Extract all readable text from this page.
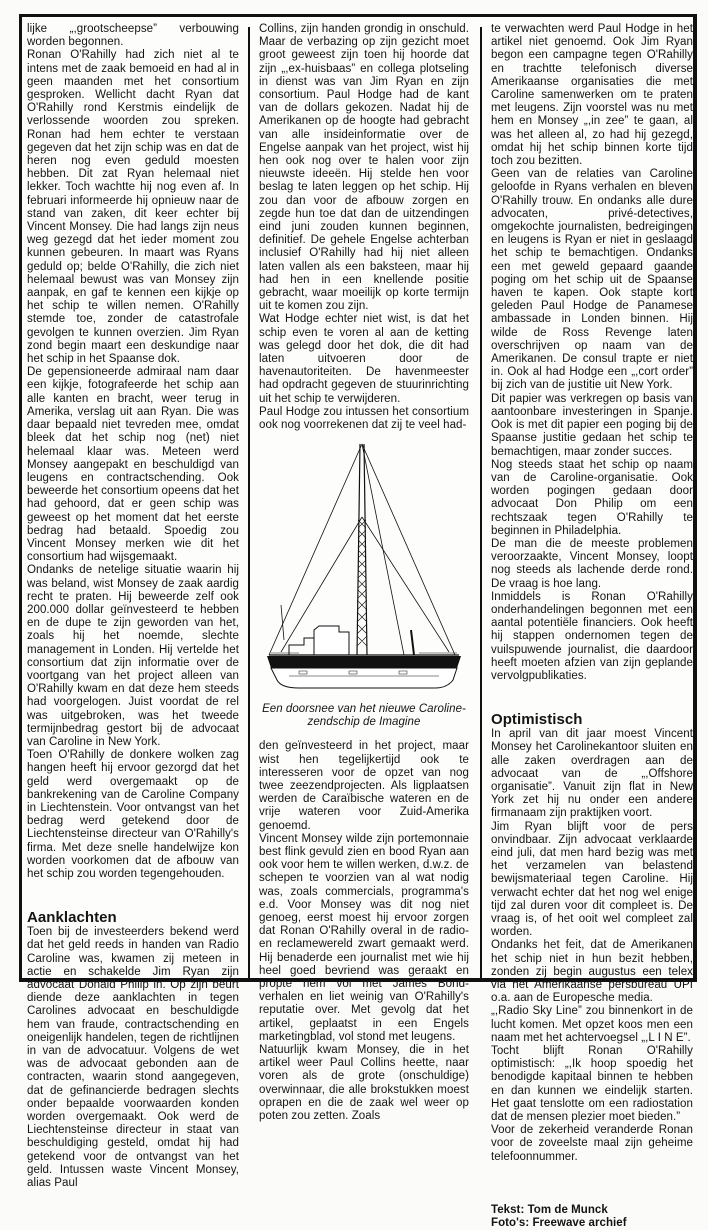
lijke „,grootscheepse” verbouwing worden begonnen.

Ronan O'Rahilly had zich niet al te intens met de zaak bemoeid en had al in geen maanden met het consortium gesproken. Wellicht dacht Ryan dat O'Rahilly rond Kerstmis eindelijk de verlossende woorden zou spreken. Ronan had hem echter te verstaan gegeven dat het zijn schip was en dat de heren nog even geduld moesten hebben. Dit zat Ryan helemaal niet lekker. Toch wachtte hij nog even af. In februari informeerde hij opnieuw naar de stand van zaken, dit keer echter bij Vincent Monsey. Die had langs zijn neus weg gezegd dat het ieder moment zou kunnen gebeuren. In maart was Ryans geduld op; belde O'Rahilly, die zich niet helemaal bewust was van Monsey zijn aanpak, en gaf te kennen een kijkje op het schip te willen nemen. O'Rahilly stemde toe, zonder de catastrofale gevolgen te kunnen overzien. Jim Ryan zond begin maart een deskundige naar het schip in het Spaanse dok.

De gepensioneerde admiraal nam daar een kijkje, fotografeerde het schip aan alle kanten en bracht, weer terug in Amerika, verslag uit aan Ryan. Die was daar bepaald niet tevreden mee, omdat bleek dat het schip nog (net) niet helemaal klaar was. Meteen werd Monsey aangepakt en beschuldigd van leugens en contractschending. Ook beweerde het consortium opeens dat het had gehoord, dat er geen schip was geweest op het moment dat het eerste bedrag had betaald. Spoedig zou Vincent Monsey merken wie dit het consortium had wijsgemaakt.

Ondanks de netelige situatie waarin hij was beland, wist Monsey de zaak aardig recht te praten. Hij beweerde zelf ook 200.000 dollar geïnvesteerd te hebben en de dupe te zijn geworden van het, zoals hij het noemde, slechte management in Londen. Hij vertelde het consortium dat zijn informatie over de voortgang van het project alleen van O'Rahilly kwam en dat deze hem steeds had voorgelogen. Juist voordat de rel was uitgebroken, was het tweede termijnbedrag gestort bij de advocaat van Caroline in New York.

Toen O'Rahilly de donkere wolken zag hangen heeft hij ervoor gezorgd dat het geld werd overgemaakt op de bankrekening van de Caroline Company in Liechtenstein. Voor ontvangst van het bedrag werd getekend door de Liechtensteinse directeur van O'Rahilly's firma. Met deze snelle handelwijze kon worden voorkomen dat de afbouw van het schip zou worden tegengehouden.

Aanklachten

Toen bij de investeerders bekend werd dat het geld reeds in handen van Radio Caroline was, kwamen zij meteen in actie en schakelde Jim Ryan zijn advocaat Donald Philip in. Op zijn beurt diende deze aanklachten in tegen Carolines advocaat en beschuldigde hem van fraude, contractschending en oneigenlijk handelen, tegen de richtlijnen in van de advocatuur. Volgens de wet was de advocaat gebonden aan de contracten, waarin stond aangegeven, dat de gefinancierde bedragen slechts onder bepaalde voorwaarden konden worden overgemaakt. Ook werd de Liechtensteinse directeur in staat van beschuldiging gesteld, omdat hij had getekend voor de ontvangst van het geld. Intussen waste Vincent Monsey, alias Paul

Collins, zijn handen grondig in onschuld. Maar de verbazing op zijn gezicht moet groot geweest zijn toen hij hoorde dat zijn „,ex-huisbaas” en collega plotseling in dienst was van Jim Ryan en zijn consortium. Paul Hodge had de kant van de dollars gekozen. Nadat hij de Amerikanen op de hoogte had gebracht van alle insideinformatie over de Engelse aanpak van het project, wist hij hen ook nog over te halen voor zijn nieuwste ideeën. Hij stelde hen voor beslag te laten leggen op het schip. Hij zou dan voor de afbouw zorgen en zegde hun toe dat dan de uitzendingen eind juni zouden kunnen beginnen, definitief. De gehele Engelse achterban inclusief O'Rahilly had hij niet alleen laten vallen als een baksteen, maar hij had hen in een knellende positie gebracht, waar moeilijk op korte termijn uit te komen zou zijn.

Wat Hodge echter niet wist, is dat het schip even te voren al aan de ketting was gelegd door het dok, die dit had laten uitvoeren door de havenautoriteiten. De havenmeester had opdracht gegeven de stuurinrichting uit het schip te verwijderen.

Paul Hodge zou intussen het consortium ook nog voorrekenen dat zij te veel had-

Een doorsnee van het nieuwe Caroline-
zendschip de Imagine

den geïnvesteerd in het project, maar wist hen tegelijkertijd ook te interesseren voor de opzet van nog twee zeezendprojecten. Als ligplaatsen werden de Caraïbische wateren en de vrije wateren voor Zuid-Amerika genoemd.

Vincent Monsey wilde zijn portemonnaie best flink gevuld zien en bood Ryan aan ook voor hem te willen werken, d.w.z. de schepen te voorzien van al wat nodig was, zoals commercials, programma's e.d. Voor Monsey was dit nog niet genoeg, eerst moest hij ervoor zorgen dat Ronan O'Rahilly overal in de radio- en reclamewereld zwart gemaakt werd. Hij benaderde een journalist met wie hij heel goed bevriend was geraakt en propte hem vol met James Bond-verhalen en liet weinig van O'Rahilly's reputatie over. Met gevolg dat het artikel, geplaatst in een Engels marketingblad, vol stond met leugens.

Natuurlijk kwam Monsey, die in het artikel weer Paul Collins heette, naar voren als de grote (onschuldige) overwinnaar, die alle brokstukken moest oprapen en die de zaak wel weer op poten zou zetten. Zoals

te verwachten werd Paul Hodge in het artikel niet genoemd. Ook Jim Ryan begon een campagne tegen O'Rahilly en trachtte telefonisch diverse Amerikaanse organisaties die met Caroline samenwerken om te praten met leugens. Zijn voorstel was nu met hem en Monsey „,in zee” te gaan, al was het alleen al, zo had hij gezegd, omdat hij het schip binnen korte tijd toch zou bezitten.

Geen van de relaties van Caroline geloofde in Ryans verhalen en bleven O'Rahilly trouw. En ondanks alle dure advocaten, privé-detectives, omgekochte journalisten, bedreigingen en leugens is Ryan er niet in geslaagd het schip te bemachtigen. Ondanks een met geweld gepaard gaande poging om het schip uit de Spaanse haven te kapen. Ook stapte kort geleden Paul Hodge de Panamese ambassade in Londen binnen. Hij wilde de Ross Revenge laten overschrijven op naam van de Amerikanen. De consul trapte er niet in. Ook al had Hodge een „,cort order” bij zich van de justitie uit New York.

Dit papier was verkregen op basis van aantoonbare investeringen in Spanje. Ook is met dit papier een poging bij de Spaanse justitie gedaan het schip te bemachtigen, maar zonder succes.

Nog steeds staat het schip op naam van de Caroline-organisatie. Ook worden pogingen gedaan door advocaat Don Philip om een rechtszaak tegen O'Rahilly te beginnen in Philadelphia.

De man die de meeste problemen veroorzaakte, Vincent Monsey, loopt nog steeds als lachende derde rond. De vraag is hoe lang.

Inmiddels is Ronan O'Rahilly onderhandelingen begonnen met een aantal potentiële financiers. Ook heeft hij stappen ondernomen tegen de vuilspuwende journalist, die daardoor heeft moeten afzien van zijn geplande vervolgpublikaties.

Optimistisch

In april van dit jaar moest Vincent Monsey het Carolinekantoor sluiten en alle zaken overdragen aan de advocaat van de „,Offshore organisatie”. Vanuit zijn flat in New York zet hij nu onder een andere firmanaam zijn praktijken voort.

Jim Ryan blijft voor de pers onvindbaar. Zijn advocaat verklaarde eind juli, dat men hard bezig was met het verzamelen van belastend bewijsmateriaal tegen Caroline. Hij verwacht echter dat het nog wel enige tijd zal duren voor dit compleet is. De vraag is, of het ooit wel compleet zal worden.

Ondanks het feit, dat de Amerikanen het schip niet in hun bezit hebben, zonden zij begin augustus een telex via het Amerikaanse persbureau UPI o.a. aan de Europesche media.

„,Radio Sky Line” zou binnenkort in de lucht komen. Met opzet koos men een naam met het achtervoegsel „,L I N E”.

Tocht blijft Ronan O'Rahilly optimistisch: „,Ik hoop spoedig het benodigde kapitaal binnen te hebben en dan kunnen we eindelijk starten. Het gaat tenslotte om een radiostation dat de mensen plezier moet bieden.”

Voor de zekerheid veranderde Ronan voor de zoveelste maal zijn geheime telefoonnummer.

Tekst: Tom de Munck
Foto's: Freewave archief
